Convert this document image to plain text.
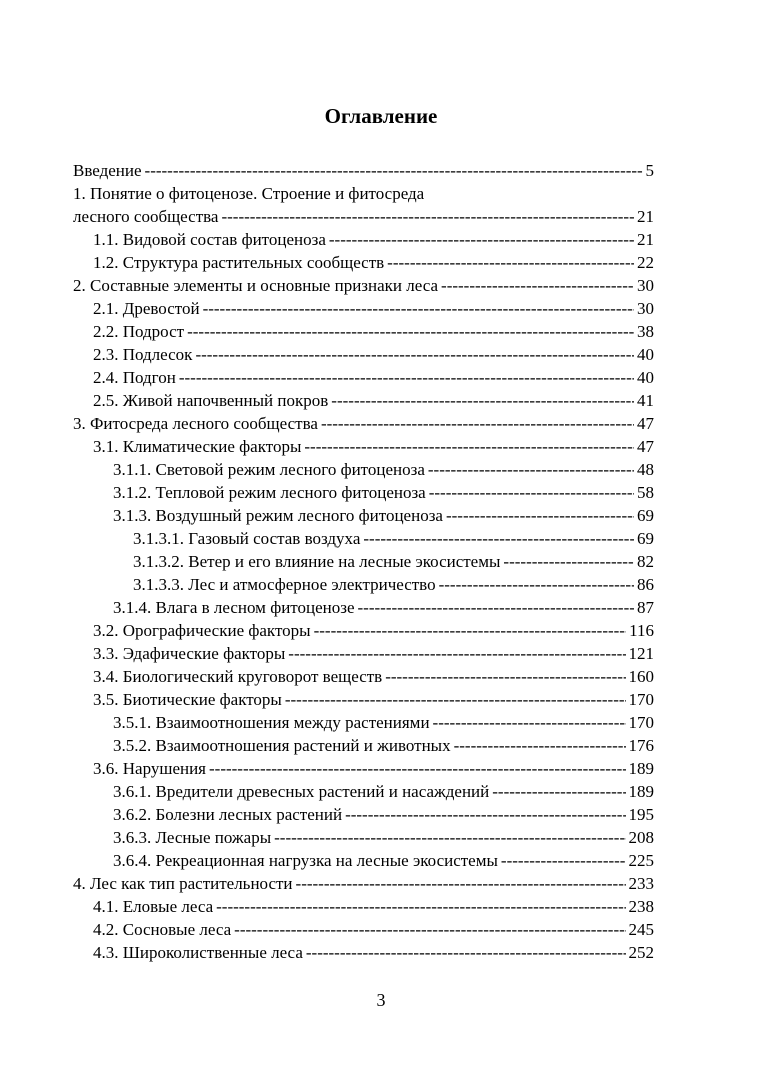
Оглавление
Введение -----	5
1. Понятие о фитоценозе. Строение и фитосреда
лесного сообщества -----	21
1.1. Видовой состав фитоценоза -----	21
1.2. Структура растительных сообществ -----	22
2. Составные элементы и основные признаки леса -----	30
2.1. Древостой -----	30
2.2. Подрост -----	38
2.3. Подлесок -----	40
2.4. Подгон -----	40
2.5. Живой напочвенный покров -----	41
3. Фитосреда лесного сообщества -----	47
3.1. Климатические факторы -----	47
3.1.1. Световой режим лесного фитоценоза -----	48
3.1.2. Тепловой режим лесного фитоценоза -----	58
3.1.3. Воздушный режим лесного фитоценоза -----	69
3.1.3.1. Газовый состав воздуха -----	69
3.1.3.2. Ветер и его влияние на лесные экосистемы -----	82
3.1.3.3. Лес и атмосферное электричество -----	86
3.1.4. Влага в лесном фитоценозе -----	87
3.2. Орографические факторы -----	116
3.3. Эдафические факторы -----	121
3.4. Биологический круговорот веществ -----	160
3.5. Биотические факторы -----	170
3.5.1. Взаимоотношения между растениями -----	170
3.5.2. Взаимоотношения растений и животных -----	176
3.6. Нарушения -----	189
3.6.1. Вредители древесных растений и насаждений -----	189
3.6.2. Болезни лесных растений -----	195
3.6.3. Лесные пожары -----	208
3.6.4. Рекреационная нагрузка на лесные экосистемы -----	225
4. Лес как тип растительности -----	233
4.1. Еловые леса -----	238
4.2. Сосновые леса -----	245
4.3. Широколиственные леса -----	252
3
